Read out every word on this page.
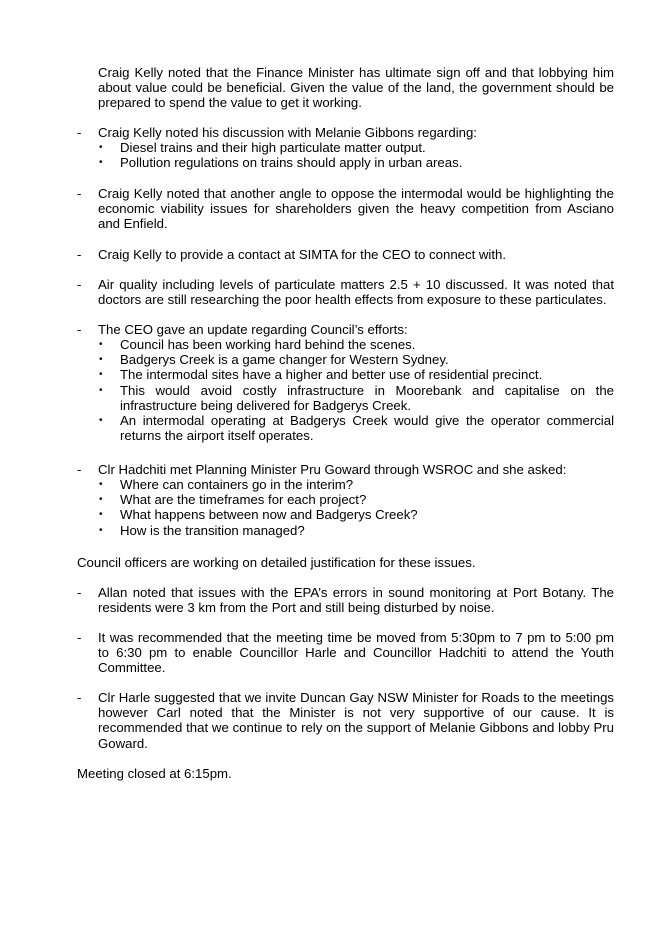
Craig Kelly noted that the Finance Minister has ultimate sign off and that lobbying him about value could be beneficial. Given the value of the land, the government should be prepared to spend the value to get it working.

-	Craig Kelly noted his discussion with Melanie Gibbons regarding:
• Diesel trains and their high particulate matter output.
• Pollution regulations on trains should apply in urban areas.
-	Craig Kelly noted that another angle to oppose the intermodal would be highlighting the economic viability issues for shareholders given the heavy competition from Asciano and Enfield.
-	Craig Kelly to provide a contact at SIMTA for the CEO to connect with.
-	Air quality including levels of particulate matters 2.5 + 10 discussed. It was noted that doctors are still researching the poor health effects from exposure to these particulates.
-	The CEO gave an update regarding Council’s efforts:
• Council has been working hard behind the scenes.
• Badgerys Creek is a game changer for Western Sydney.
• The intermodal sites have a higher and better use of residential precinct.
• This would avoid costly infrastructure in Moorebank and capitalise on the infrastructure being delivered for Badgerys Creek.
• An intermodal operating at Badgerys Creek would give the operator commercial returns the airport itself operates.
-	Clr Hadchiti met Planning Minister Pru Goward through WSROC and she asked:
• Where can containers go in the interim?
• What are the timeframes for each project?
• What happens between now and Badgerys Creek?
• How is the transition managed?

Council officers are working on detailed justification for these issues.

-	Allan noted that issues with the EPA’s errors in sound monitoring at Port Botany. The residents were 3 km from the Port and still being disturbed by noise.
-	It was recommended that the meeting time be moved from 5:30pm to 7 pm to 5:00 pm to 6:30 pm to enable Councillor Harle and Councillor Hadchiti to attend the Youth Committee.
-	Clr Harle suggested that we invite Duncan Gay NSW Minister for Roads to the meetings however Carl noted that the Minister is not very supportive of our cause. It is recommended that we continue to rely on the support of Melanie Gibbons and lobby Pru Goward.

Meeting closed at 6:15pm.
